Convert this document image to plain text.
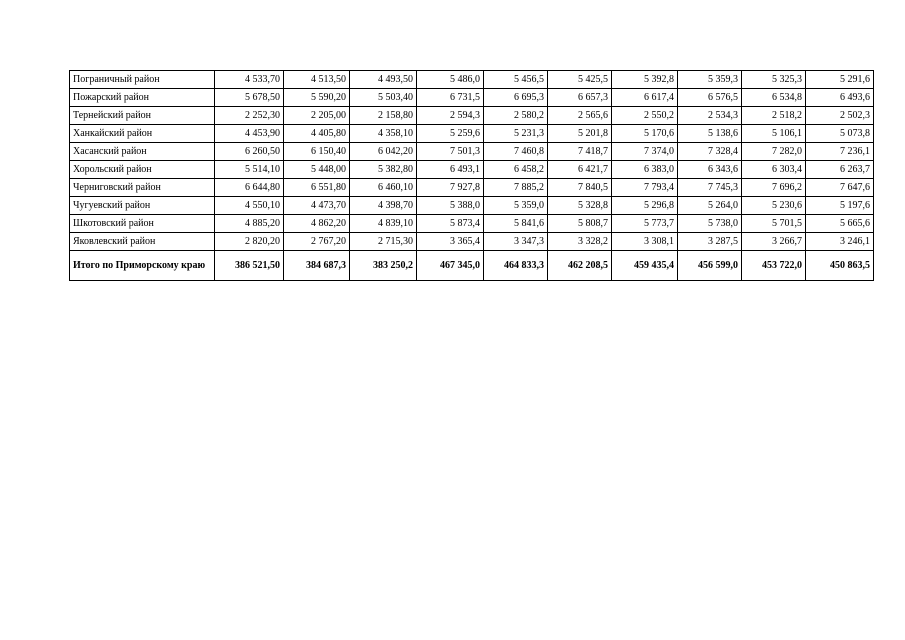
Пограничный район	4 533,70	4 513,50	4 493,50	5 486,0	5 456,5	5 425,5	5 392,8	5 359,3	5 325,3	5 291,6
Пожарский район	5 678,50	5 590,20	5 503,40	6 731,5	6 695,3	6 657,3	6 617,4	6 576,5	6 534,8	6 493,6
Тернейский район	2 252,30	2 205,00	2 158,80	2 594,3	2 580,2	2 565,6	2 550,2	2 534,3	2 518,2	2 502,3
Ханкайский район	4 453,90	4 405,80	4 358,10	5 259,6	5 231,3	5 201,8	5 170,6	5 138,6	5 106,1	5 073,8
Хасанский район	6 260,50	6 150,40	6 042,20	7 501,3	7 460,8	7 418,7	7 374,0	7 328,4	7 282,0	7 236,1
Хорольский район	5 514,10	5 448,00	5 382,80	6 493,1	6 458,2	6 421,7	6 383,0	6 343,6	6 303,4	6 263,7
Черниговский район	6 644,80	6 551,80	6 460,10	7 927,8	7 885,2	7 840,5	7 793,4	7 745,3	7 696,2	7 647,6
Чугуевский район	4 550,10	4 473,70	4 398,70	5 388,0	5 359,0	5 328,8	5 296,8	5 264,0	5 230,6	5 197,6
Шкотовский район	4 885,20	4 862,20	4 839,10	5 873,4	5 841,6	5 808,7	5 773,7	5 738,0	5 701,5	5 665,6
Яковлевский район	2 820,20	2 767,20	2 715,30	3 365,4	3 347,3	3 328,2	3 308,1	3 287,5	3 266,7	3 246,1
Итого по Приморскому краю	386 521,50	384 687,3	383 250,2	467 345,0	464 833,3	462 208,5	459 435,4	456 599,0	453 722,0	450 863,5
